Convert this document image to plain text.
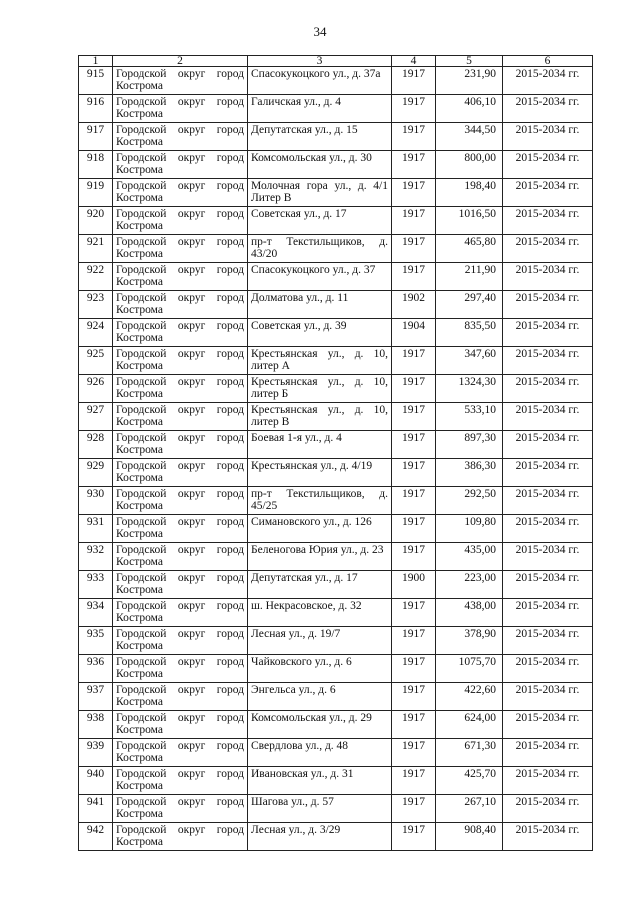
34
1	2	3	4	5	6
915	Городской округ город Кострома	Спасокукоцкого ул., д. 37а	1917	231,90	2015-2034 гг.
916	Городской округ город Кострома	Галичская ул., д. 4	1917	406,10	2015-2034 гг.
917	Городской округ город Кострома	Депутатская ул., д. 15	1917	344,50	2015-2034 гг.
918	Городской округ город Кострома	Комсомольская ул., д. 30	1917	800,00	2015-2034 гг.
919	Городской округ город Кострома	Молочная гора ул., д. 4/1 Литер В	1917	198,40	2015-2034 гг.
920	Городской округ город Кострома	Советская ул., д. 17	1917	1016,50	2015-2034 гг.
921	Городской округ город Кострома	пр-т Текстильщиков, д. 43/20	1917	465,80	2015-2034 гг.
922	Городской округ город Кострома	Спасокукоцкого ул., д. 37	1917	211,90	2015-2034 гг.
923	Городской округ город Кострома	Долматова ул., д. 11	1902	297,40	2015-2034 гг.
924	Городской округ город Кострома	Советская ул., д. 39	1904	835,50	2015-2034 гг.
925	Городской округ город Кострома	Крестьянская ул., д. 10, литер А	1917	347,60	2015-2034 гг.
926	Городской округ город Кострома	Крестьянская ул., д. 10, литер Б	1917	1324,30	2015-2034 гг.
927	Городской округ город Кострома	Крестьянская ул., д. 10, литер В	1917	533,10	2015-2034 гг.
928	Городской округ город Кострома	Боевая 1-я ул., д. 4	1917	897,30	2015-2034 гг.
929	Городской округ город Кострома	Крестьянская ул., д. 4/19	1917	386,30	2015-2034 гг.
930	Городской округ город Кострома	пр-т Текстильщиков, д. 45/25	1917	292,50	2015-2034 гг.
931	Городской округ город Кострома	Симановского ул., д. 126	1917	109,80	2015-2034 гг.
932	Городской округ город Кострома	Беленогова Юрия ул., д. 23	1917	435,00	2015-2034 гг.
933	Городской округ город Кострома	Депутатская ул., д. 17	1900	223,00	2015-2034 гг.
934	Городской округ город Кострома	ш. Некрасовское, д. 32	1917	438,00	2015-2034 гг.
935	Городской округ город Кострома	Лесная ул., д. 19/7	1917	378,90	2015-2034 гг.
936	Городской округ город Кострома	Чайковского ул., д. 6	1917	1075,70	2015-2034 гг.
937	Городской округ город Кострома	Энгельса ул., д. 6	1917	422,60	2015-2034 гг.
938	Городской округ город Кострома	Комсомольская ул., д. 29	1917	624,00	2015-2034 гг.
939	Городской округ город Кострома	Свердлова ул., д. 48	1917	671,30	2015-2034 гг.
940	Городской округ город Кострома	Ивановская ул., д. 31	1917	425,70	2015-2034 гг.
941	Городской округ город Кострома	Шагова ул., д. 57	1917	267,10	2015-2034 гг.
942	Городской округ город Кострома	Лесная ул., д. 3/29	1917	908,40	2015-2034 гг.
